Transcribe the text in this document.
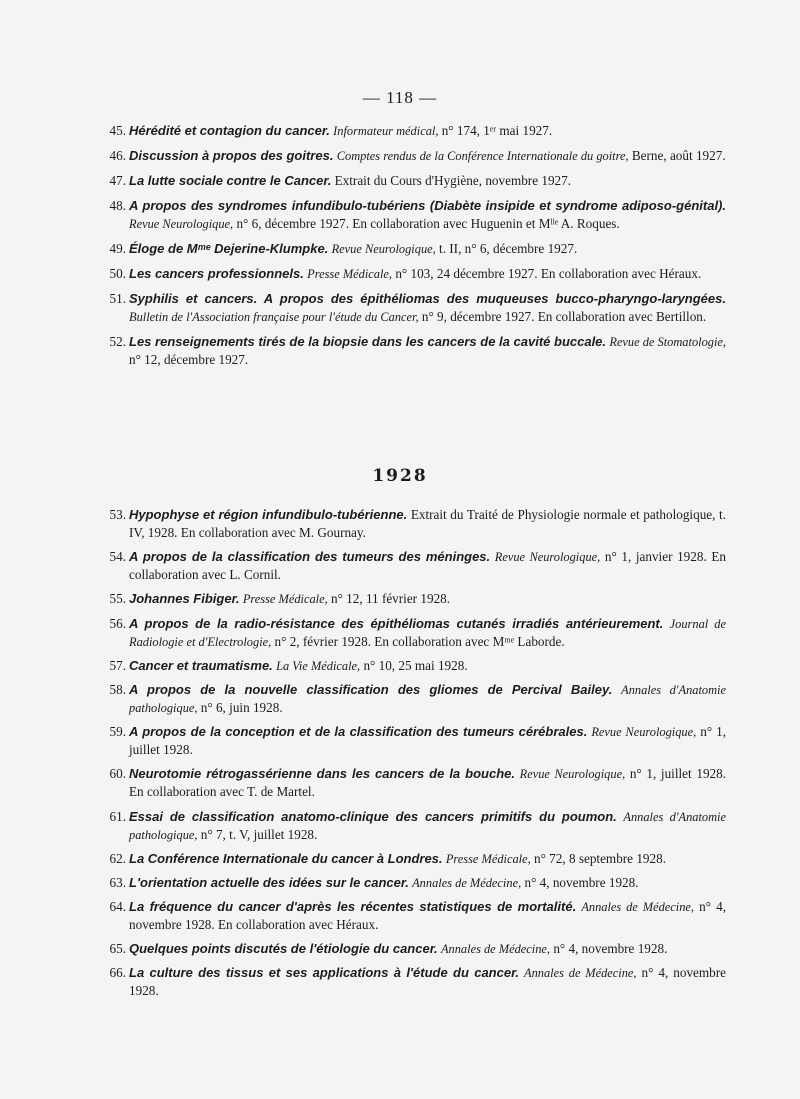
— 118 —
45. Hérédité et contagion du cancer. Informateur médical, n° 174, 1ᵉʳ mai 1927.
46. Discussion à propos des goitres. Comptes rendus de la Conférence Internationale du goitre, Berne, août 1927.
47. La lutte sociale contre le Cancer. Extrait du Cours d'Hygiène, novembre 1927.
48. A propos des syndromes infundibulo-tubériens (Diabète insipide et syndrome adiposo-génital). Revue Neurologique, n° 6, décembre 1927. En collaboration avec Huguenin et Mˡˡᵉ A. Roques.
49. Éloge de Mᵐᵉ Dejerine-Klumpke. Revue Neurologique, t. II, n° 6, décembre 1927.
50. Les cancers professionnels. Presse Médicale, n° 103, 24 décembre 1927. En collaboration avec Héraux.
51. Syphilis et cancers. A propos des épithéliomas des muqueuses bucco-pharyngo-laryngées. Bulletin de l'Association française pour l'étude du Cancer, n° 9, décembre 1927. En collaboration avec Bertillon.
52. Les renseignements tirés de la biopsie dans les cancers de la cavité buccale. Revue de Stomatologie, n° 12, décembre 1927.
1928
53. Hypophyse et région infundibulo-tubérienne. Extrait du Traité de Physiologie normale et pathologique, t. IV, 1928. En collaboration avec M. Gournay.
54. A propos de la classification des tumeurs des méninges. Revue Neurologique, n° 1, janvier 1928. En collaboration avec L. Cornil.
55. Johannes Fibiger. Presse Médicale, n° 12, 11 février 1928.
56. A propos de la radio-résistance des épithéliomas cutanés irradiés antérieurement. Journal de Radiologie et d'Electrologie, n° 2, février 1928. En collaboration avec Mᵐᵉ Laborde.
57. Cancer et traumatisme. La Vie Médicale, n° 10, 25 mai 1928.
58. A propos de la nouvelle classification des gliomes de Percival Bailey. Annales d'Anatomie pathologique, n° 6, juin 1928.
59. A propos de la conception et de la classification des tumeurs cérébrales. Revue Neurologique, n° 1, juillet 1928.
60. Neurotomie rétrogassérienne dans les cancers de la bouche. Revue Neurologique, n° 1, juillet 1928. En collaboration avec T. de Martel.
61. Essai de classification anatomo-clinique des cancers primitifs du poumon. Annales d'Anatomie pathologique, n° 7, t. V, juillet 1928.
62. La Conférence Internationale du cancer à Londres. Presse Médicale, n° 72, 8 septembre 1928.
63. L'orientation actuelle des idées sur le cancer. Annales de Médecine, n° 4, novembre 1928.
64. La fréquence du cancer d'après les récentes statistiques de mortalité. Annales de Médecine, n° 4, novembre 1928. En collaboration avec Héraux.
65. Quelques points discutés de l'étiologie du cancer. Annales de Médecine, n° 4, novembre 1928.
66. La culture des tissus et ses applications à l'étude du cancer. Annales de Médecine, n° 4, novembre 1928.
